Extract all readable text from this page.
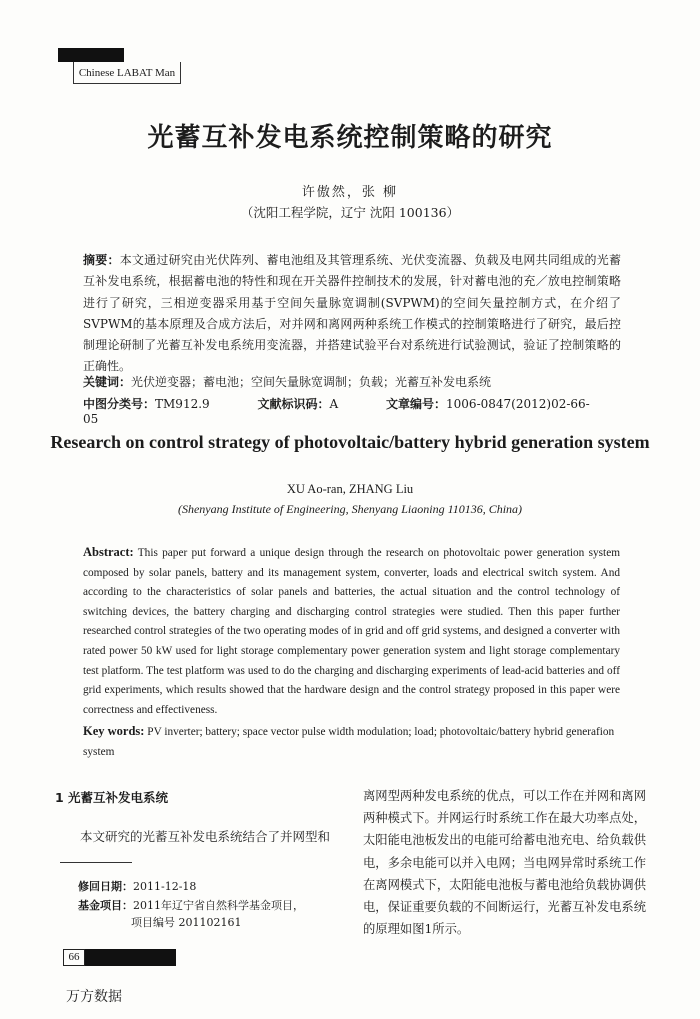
Chinese LABAT Man
光蓄互补发电系统控制策略的研究
许傲然，张 柳
（沈阳工程学院，辽宁 沈阳 100136）
摘要：本文通过研究由光伏阵列、蓄电池组及其管理系统、光伏变流器、负载及电网共同组成的光蓄互补发电系统，根据蓄电池的特性和现在开关器件控制技术的发展，针对蓄电池的充／放电控制策略进行了研究，三相逆变器采用基于空间矢量脉宽调制(SVPWM)的空间矢量控制方式，在介绍了SVPWM的基本原理及合成方法后，对并网和离网两种系统工作模式的控制策略进行了研究，最后控制理论研制了光蓄互补发电系统用变流器，并搭建试验平台对系统进行试验测试，验证了控制策略的正确性。
关键词：光伏逆变器；蓄电池；空间矢量脉宽调制；负载；光蓄互补发电系统
中图分类号：TM912.9	文献标识码：A	文章编号：1006-0847(2012)02-66-05
Research on control strategy of photovoltaic/battery hybrid generation system
XU Ao-ran, ZHANG Liu
(Shenyang Institute of Engineering, Shenyang Liaoning 110136, China)
Abstract: This paper put forward a unique design through the research on photovoltaic power generation system composed by solar panels, battery and its management system, converter, loads and electrical switch system. And according to the characteristics of solar panels and batteries, the actual situation and the control technology of switching devices, the battery charging and discharging control strategies were studied. Then this paper further researched control strategies of the two operating modes of in grid and off grid systems, and designed a converter with rated power 50 kW used for light storage complementary power generation system and light storage complementary test platform. The test platform was used to do the charging and discharging experiments of lead-acid batteries and off grid experiments, which results showed that the hardware design and the control strategy proposed in this paper were correctness and effectiveness.
Key words: PV inverter; battery; space vector pulse width modulation; load; photovoltaic/battery hybrid generafion system
1 光蓄互补发电系统
本文研究的光蓄互补发电系统结合了并网型和
离网型两种发电系统的优点，可以工作在并网和离网两种模式下。并网运行时系统工作在最大功率点处，太阳能电池板发出的电能可给蓄电池充电、给负载供电，多余电能可以并入电网；当电网异常时系统工作在离网模式下，太阳能电池板与蓄电池给负载协调供电，保证重要负载的不间断运行，光蓄互补发电系统的原理如图1所示。
修回日期：2011-12-18
基金项目：2011年辽宁省自然科学基金项目，
项目编号 201102161
66
万方数据
